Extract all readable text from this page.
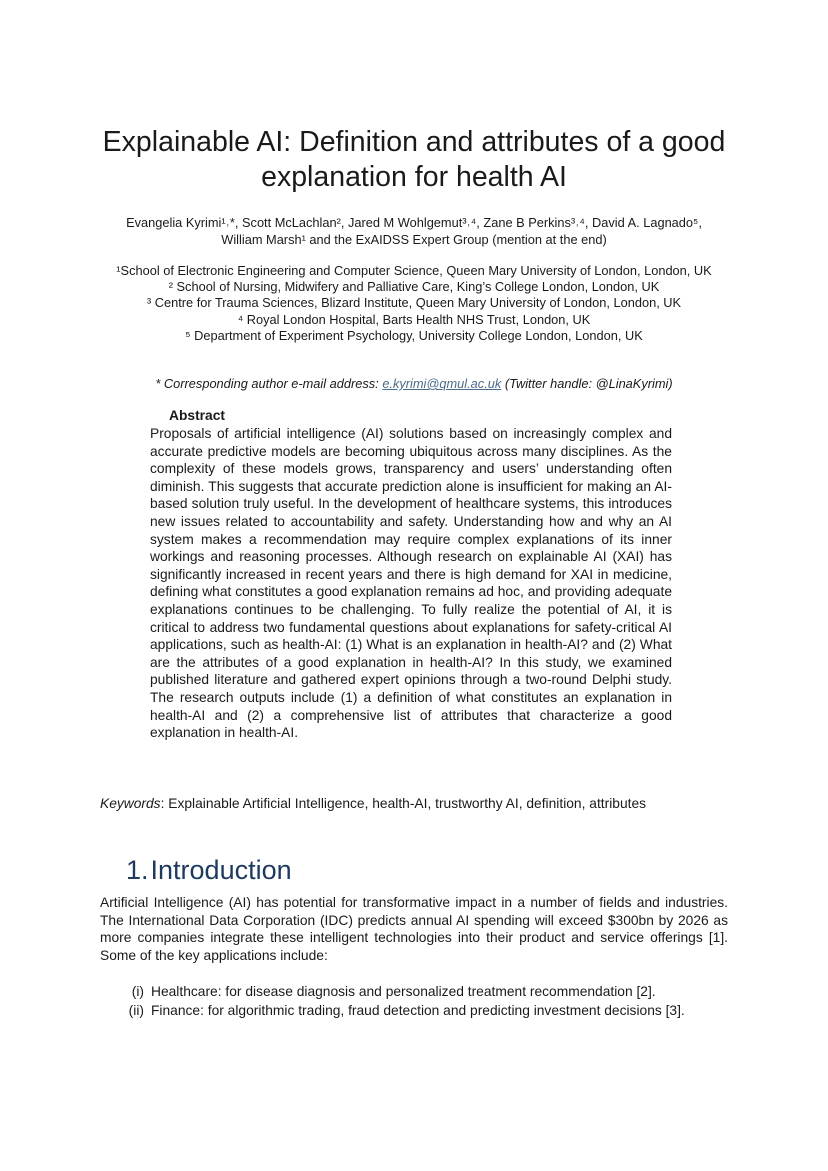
Explainable AI: Definition and attributes of a good explanation for health AI
Evangelia Kyrimi¹˒*, Scott McLachlan², Jared M Wohlgemut³˒⁴, Zane B Perkins³˒⁴, David A. Lagnado⁵,
William Marsh¹ and the ExAIDSS Expert Group (mention at the end)
¹School of Electronic Engineering and Computer Science, Queen Mary University of London, London, UK
² School of Nursing, Midwifery and Palliative Care, King’s College London, London, UK
³ Centre for Trauma Sciences, Blizard Institute, Queen Mary University of London, London, UK
⁴ Royal London Hospital, Barts Health NHS Trust, London, UK
⁵ Department of Experiment Psychology, University College London, London, UK
* Corresponding author e-mail address: e.kyrimi@qmul.ac.uk (Twitter handle: @LinaKyrimi)
Abstract
Proposals of artificial intelligence (AI) solutions based on increasingly complex and accurate predictive models are becoming ubiquitous across many disciplines. As the complexity of these models grows, transparency and users’ understanding often diminish. This suggests that accurate prediction alone is insufficient for making an AI-based solution truly useful. In the development of healthcare systems, this introduces new issues related to accountability and safety. Understanding how and why an AI system makes a recommendation may require complex explanations of its inner workings and reasoning processes. Although research on explainable AI (XAI) has significantly increased in recent years and there is high demand for XAI in medicine, defining what constitutes a good explanation remains ad hoc, and providing adequate explanations continues to be challenging. To fully realize the potential of AI, it is critical to address two fundamental questions about explanations for safety-critical AI applications, such as health-AI: (1) What is an explanation in health-AI? and (2) What are the attributes of a good explanation in health-AI? In this study, we examined published literature and gathered expert opinions through a two-round Delphi study. The research outputs include (1) a definition of what constitutes an explanation in health-AI and (2) a comprehensive list of attributes that characterize a good explanation in health-AI.
Keywords: Explainable Artificial Intelligence, health-AI, trustworthy AI, definition, attributes
1.Introduction
Artificial Intelligence (AI) has potential for transformative impact in a number of fields and industries. The International Data Corporation (IDC) predicts annual AI spending will exceed $300bn by 2026 as more companies integrate these intelligent technologies into their product and service offerings [1]. Some of the key applications include:
(i) Healthcare: for disease diagnosis and personalized treatment recommendation [2].
(ii) Finance: for algorithmic trading, fraud detection and predicting investment decisions [3].
